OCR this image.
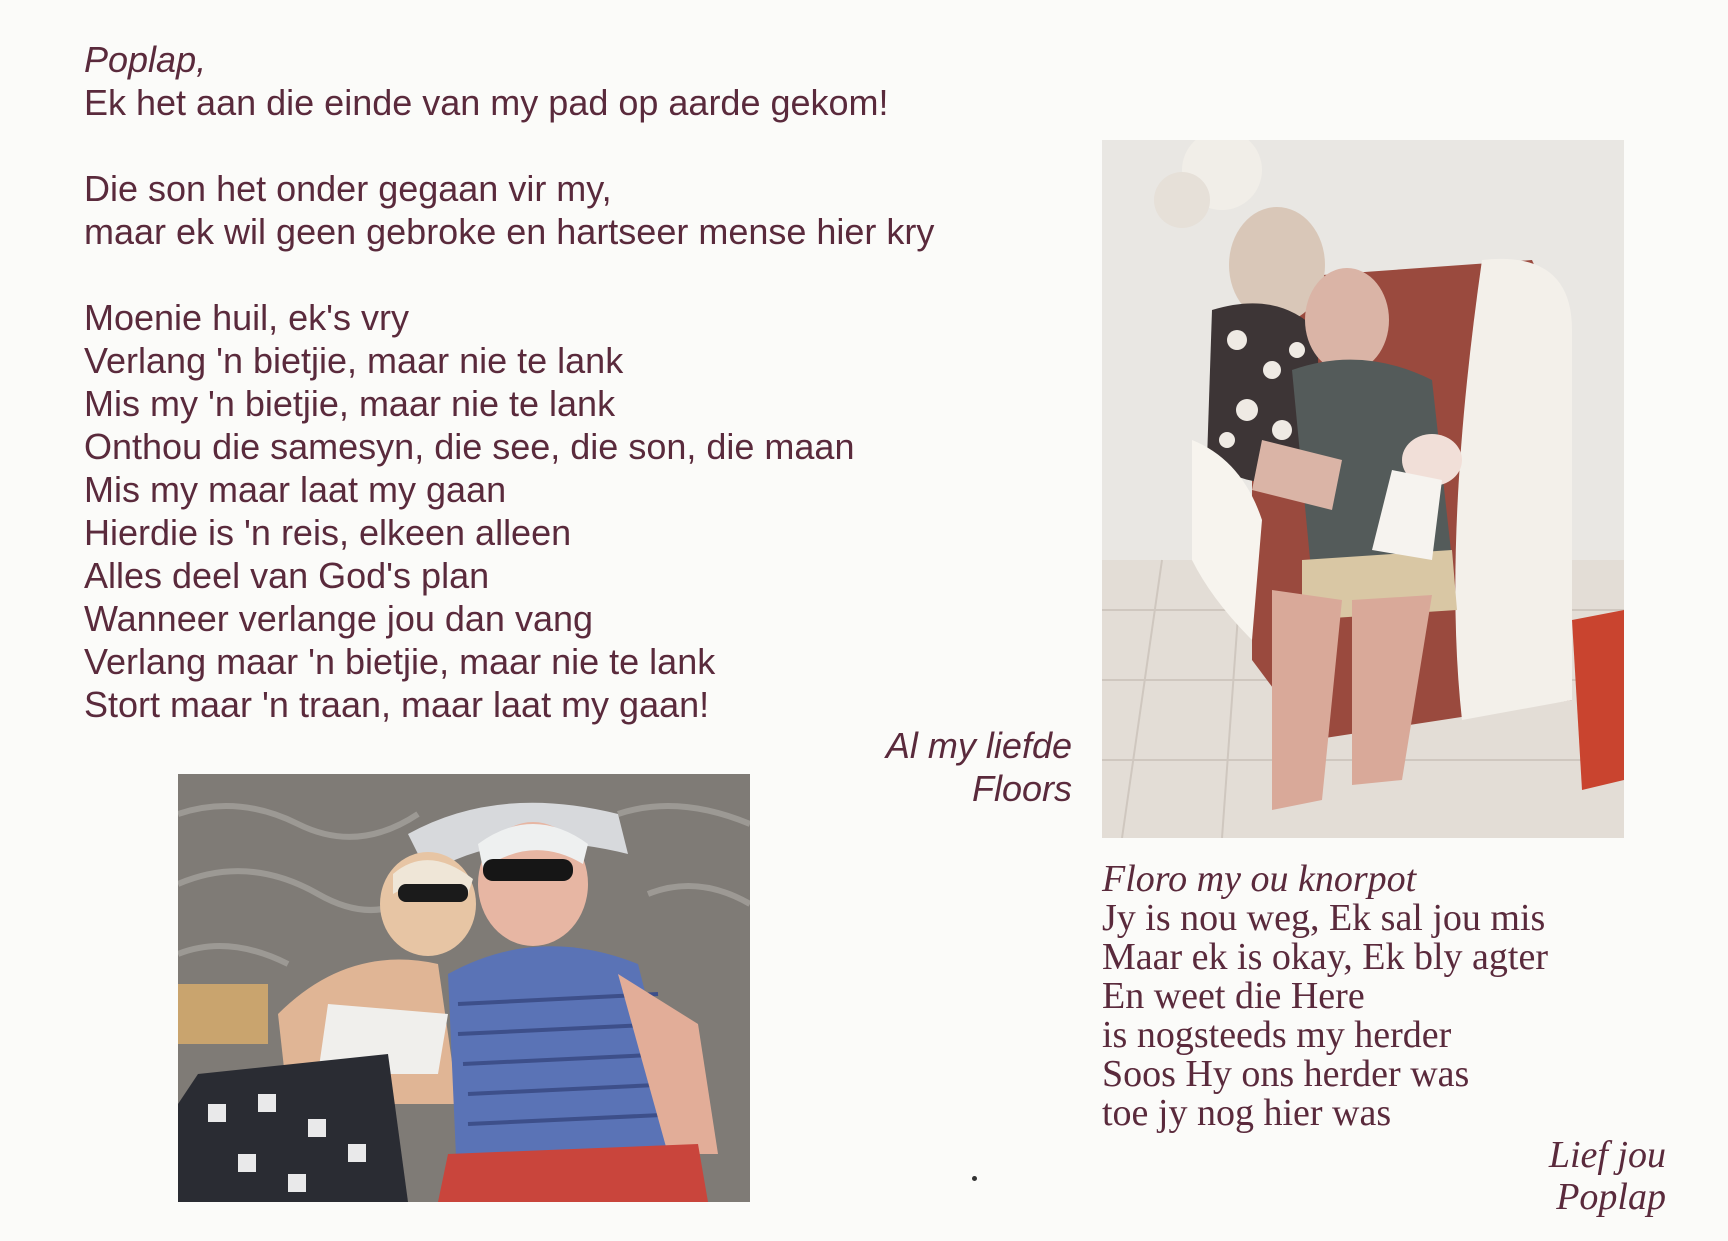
Poplap,
Ek het aan die einde van my pad op aarde gekom!
Die son het onder gegaan vir my,
maar ek wil geen gebroke en hartseer mense hier kry
Moenie huil, ek's vry
Verlang 'n bietjie, maar nie te lank
Mis my 'n bietjie, maar nie te lank
Onthou die samesyn, die see, die son, die maan
Mis my maar laat my gaan
Hierdie is 'n reis, elkeen alleen
Alles deel van God's plan
Wanneer verlange jou dan vang
Verlang maar 'n bietjie, maar nie te lank
Stort maar 'n traan, maar laat my gaan!
Al my liefde
Floors
Floro my ou knorpot
Jy is nou weg, Ek sal jou mis
Maar ek is okay, Ek bly agter
En weet die Here
is nogsteeds my herder
Soos Hy ons herder was
toe jy nog hier was
Lief jou
Poplap
